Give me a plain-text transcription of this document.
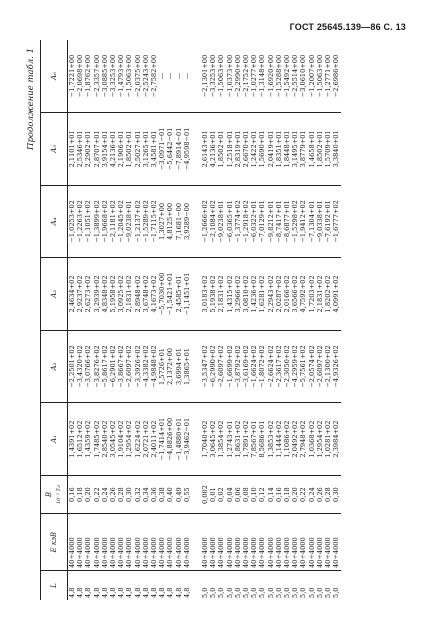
ГОСТ 25645.139—86 С. 13
Продолжение табл. 1
L	E кэВ	B 10⁻⁵ Тл	A₁	A₂	A₃	A₄	A₅	A₆
4,8	40÷4000	0,16	1,4391+02	−2,2501+02	2,4634+02	−1,0253+02	2,1101+01	−1,7221+00
4,8	40÷4000	0,18	1,6512+02	−3,4320+02	2,9237+02	−1,2263+02	2,5346+01	−2,0698+00
4,8	40÷4000	0,20	1,4359+02	−3,0766+02	2,6273+02	−1,1051+02	2,2902+01	−1,8762+00
4,8	40÷4000	0,22	1,7485+02	−3,8276+02	3,2939+02	−1,3899+02	2,8707+01	−2,3357+00
4,8	40÷4000	0,24	2,8540+02	−5,8617+02	4,8348+02	−1,9668+02	3,9154+01	−3,0885+00
4,8	40÷4000	0,26	3,0545+02	−6,2901+02	5,1958+02	−2,1181+02	4,2136+01	−3,3253+00
4,8	40÷4000	0,28	1,9104+02	−3,8667+02	3,0925+02	−1,2045+02	2,1906+01	−1,4793+00
4,8	40÷4000	0,30	1,2954+02	−2,6097+02	2,1831+02	−9,0238+01	1,8502+01	−1,5063+00
4,8	40÷4000	0,32	1,6224+02	−3,3926+02	2,8948+02	−1,2137+02	2,5027+01	−2,0375+00
4,8	40÷4000	0,34	2,0721+02	−4,3382+02	3,6748+02	−1,5289+02	3,1265+01	−2,5243+00
4,8	40÷4000	0,36	2,4011+02	−4,9848+02	4,1673+02	−1,7115+02	3,4581+01	−2,7582+00
4,8	40÷4000	0,38	−1,7414+01	1,5726+01	−5,7030+00	1,3027+00	−3,0971−01	—
4,8	40÷4000	0,40	−4,8826+00	2,1372+00	−1,5421+01	4,8125+00	−5,6442−01	—
4,8	40÷4000	0,49	−1,4880+01	3,6994+01	2,4585+01	7,1681−00	−7,8914−01	—
4,8	40÷4000	0,55	−3,9462−01	1,3865+01	−1,1451+01	3,9289−00	−4,9598−01	—

5,0	40÷4000	0,002	1,7040+02	−3,5347+02	3,0183+02	−1,2666+02	2,6143+01	−2,1301+00
5,0	40÷4000	0,01	3,0645+02	−6,2990+02	5,1938+02	−2,1084+02	4,2136+01	−3,3253+00
5,0	40÷4000	0,02	1,3854+02	−2,6097+02	2,1831+02	−9,0238+01	1,8502+01	−1,5063+00
5,0	40÷4000	0,04	1,2743+01	−1,6699+02	1,4315+02	−6,0365+01	1,2518+01	−1,0373+00
5,0	40÷4000	0,06	1,8631+02	−3,8792+02	3,2966+02	−1,3774+02	2,8319+01	−2,2990+00
5,0	40÷4000	0,08	1,7891+02	−3,6169+02	3,0810+02	−1,2918+02	2,6670+01	−2,1752+00
5,0	40÷4000	0,10	7,8567+01	−1,6624+02	1,4236+02	−6,0322+01	1,2422+01	−1,0277+00
5,0	40÷4000	0,12	8,5686+01	−1,8072+02	1,6281+02	−7,0129+01	1,5690+01	−1,3148+00
5,0	40÷4000	0,14	1,3853+02	−2,6624+02	2,2943+02	−9,8212+01	2,0419+01	−1,6920+00
5,0	40÷4000	0,16	1,1444+02	−2,3617+02	2,0287+02	−8,7417+01	1,8351+01	−1,5288+00
5,0	40÷4000	0,18	1,1086+02	−2,3050+02	2,0166+02	−8,6877+01	1,8448+01	−1,5492+00
5,0	40÷4000	0,20	2,0492+02	−4,2959+02	3,6566+02	−1,5298+02	3,1495+01	−2,5514+00
5,0	40÷4000	0,22	2,7948+02	−5,7561+02	4,7592+02	−1,9412+02	3,8779+01	−3,0610+00
5,0	40÷4000	0,24	1,0368+02	−2,0574+02	1,7203+02	−7,1304+01	1,4658+01	−1,2007+00
5,0	40÷4000	0,26	1,2954+02	−2,6097+02	2,1831+02	−9,0338+01	1,8502+01	−1,5063+00
5,0	40÷4000	0,28	1,0281+02	−2,1300+02	1,8202+02	−7,6192+01	1,5709+01	−1,2771+00
5,0	40÷4000	0,30	2,3984+02	−4,9326+02	4,0991+02	−1,6777+02	3,3840+01	−2,6986+00
